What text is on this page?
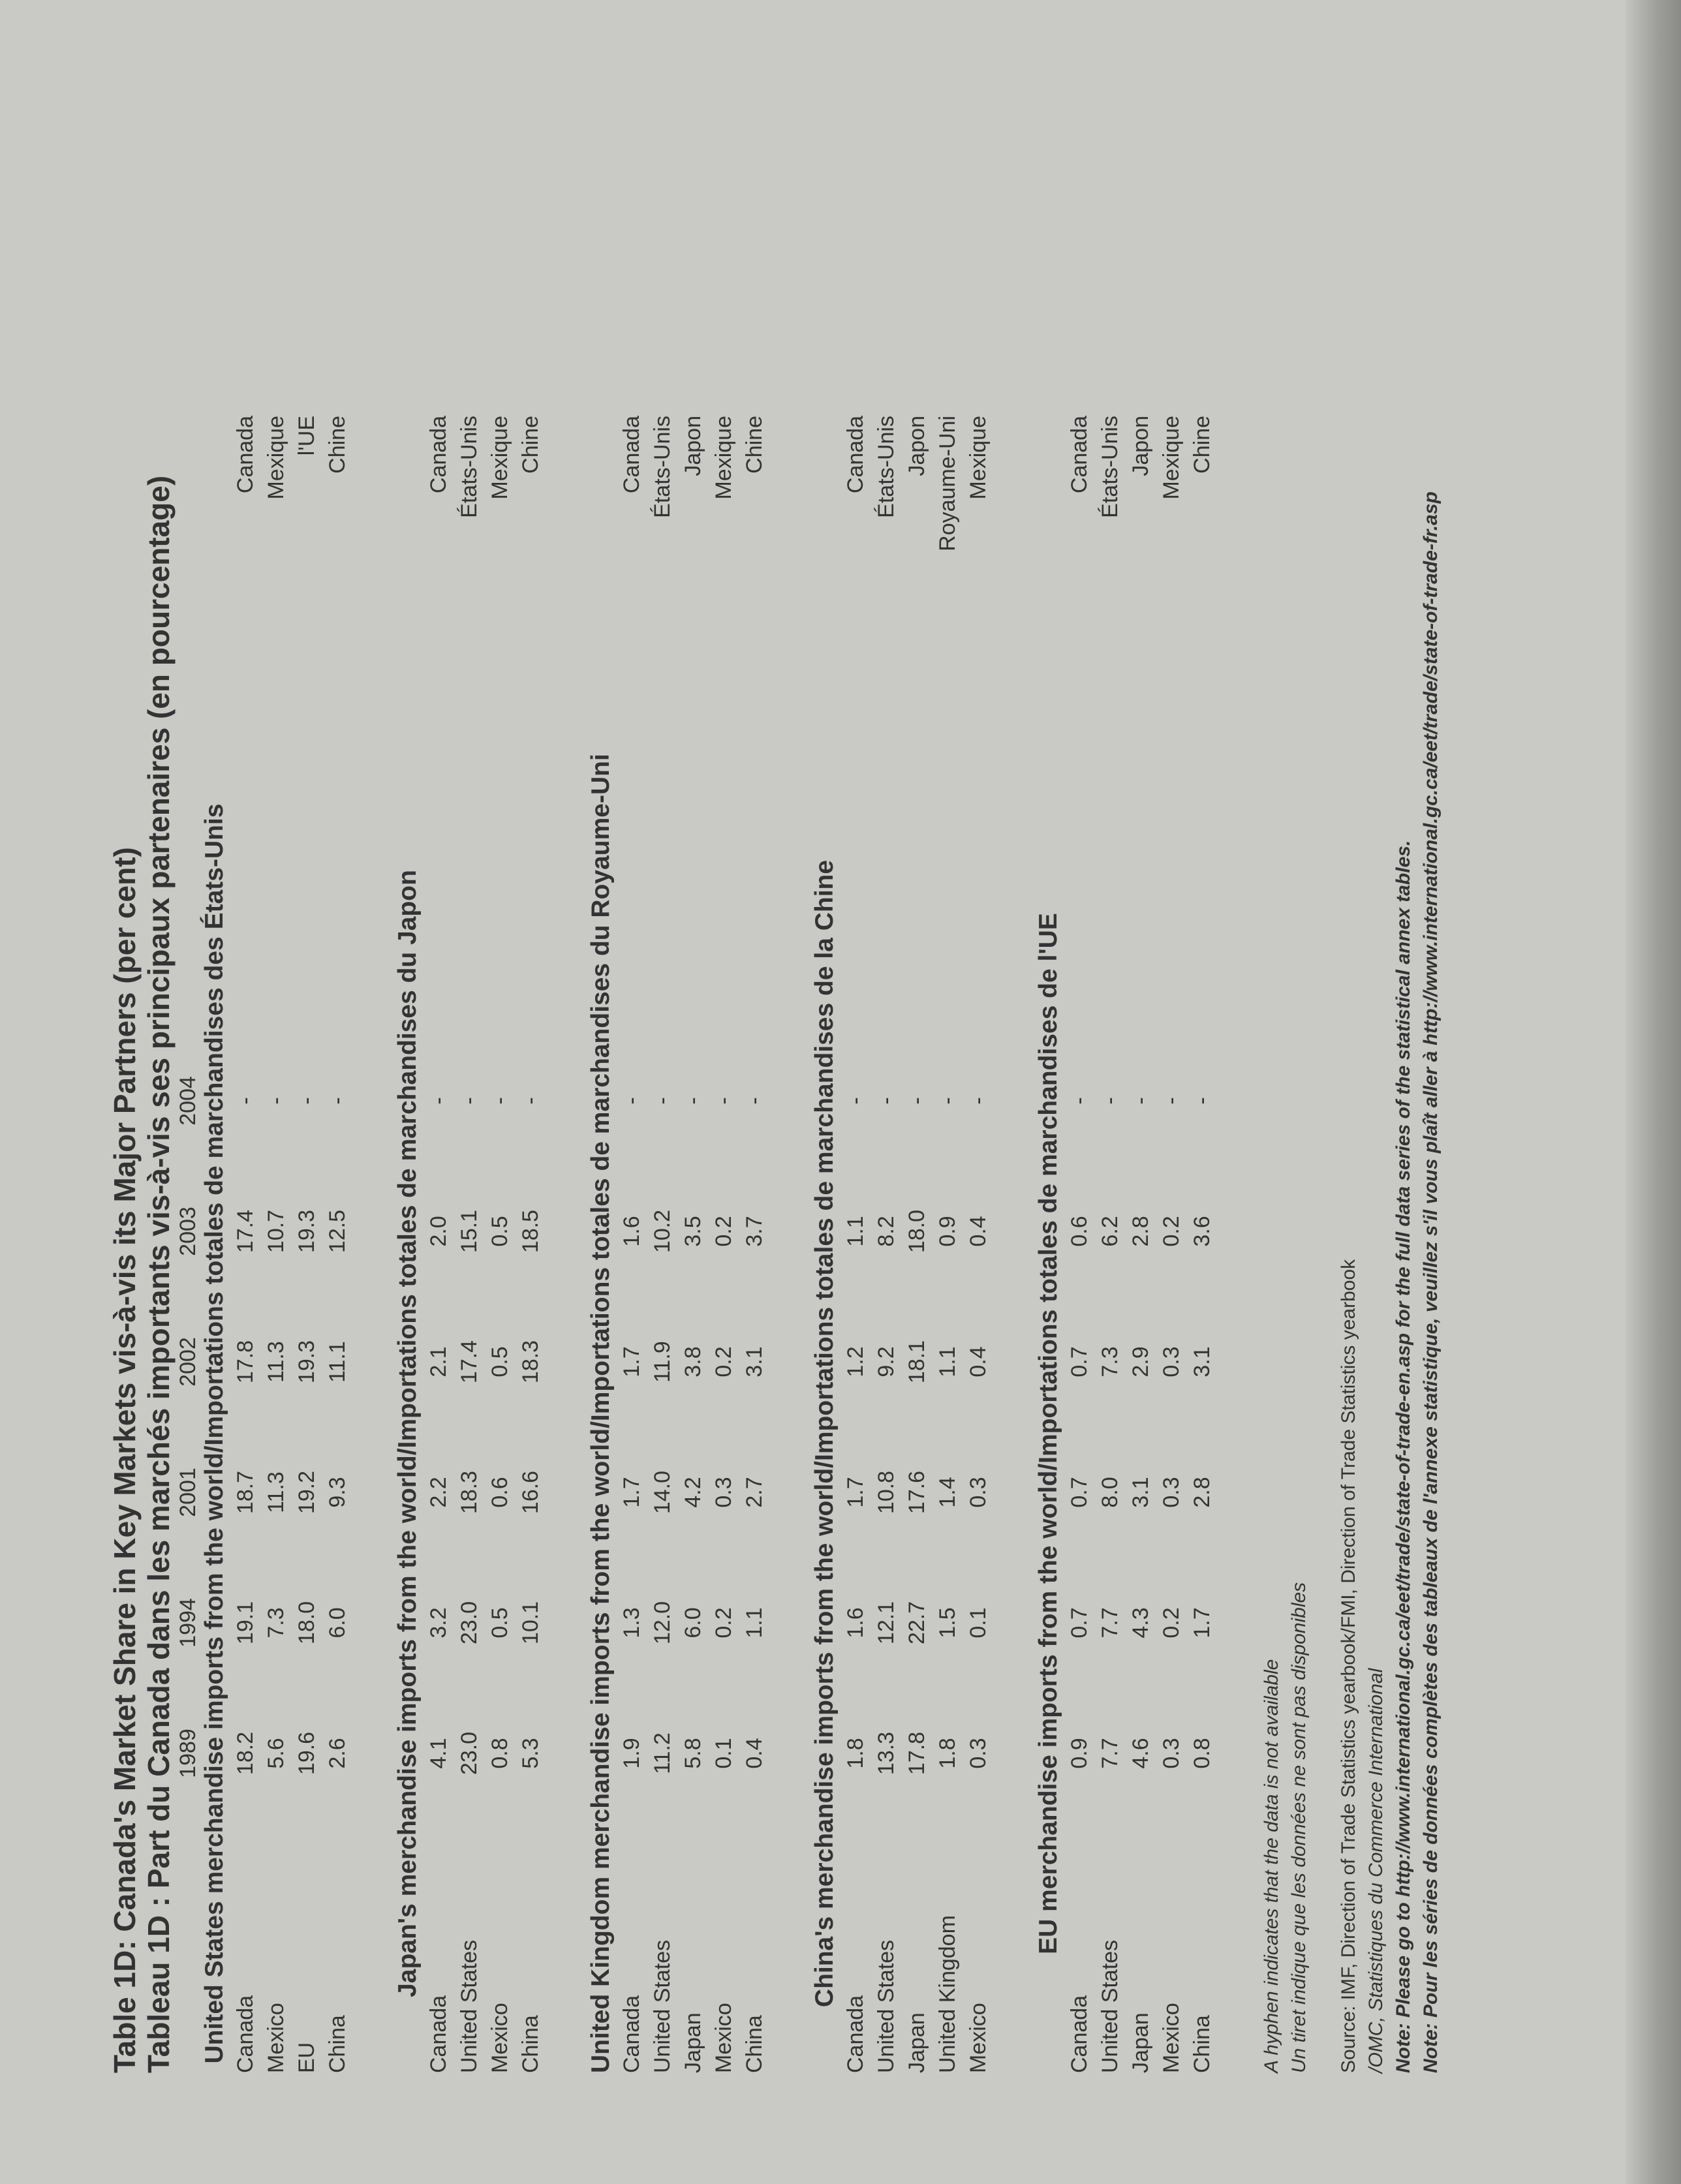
Table 1D: Canada's Market Share in Key Markets vis-à-vis its Major Partners (per cent) Tableau 1D : Part du Canada dans les marchés importants vis-à-vis ses principaux partenaires (en pourcentage) 1989
1994
2001
2002
2003
2004 United States merchandise imports from the world/Importations totales de marchandises des États-Unis Canada
18.2
19.1
18.7
17.8
17.4
-
Canada
Mexico
5.6
7.3
11.3
11.3
10.7
-
Mexique
EU
19.6
18.0
19.2
19.3
19.3
-
l'UE
China
2.6
6.0
9.3
11.1
12.5
-
Chine
Japan's merchandise imports from the world/Importations totales de marchandises du Japon
Canada
4.1
3.2
2.2
2.1
2.0
-
Canada
United States
23.0
23.0
18.3
17.4
15.1
-
États-Unis
Mexico
0.8
0.5
0.6
0.5
0.5
-
Mexique
China
5.3
10.1
16.6
18.3
18.5
-
Chine
United Kingdom merchandise imports from the world/Importations totales de marchandises du Royaume-Uni Canada
1.9
1.3
1.7
1.7
1.6
-
Canada
United States
11.2
12.0
14.0
11.9
10.2
-
États-Unis
Japan
5.8
6.0
4.2
3.8
3.5
-
Japon
Mexico
0.1
0.2
0.3
0.2
0.2
-
Mexique
China
0.4
1.1
2.7
3.1
3.7
-
Chine
China's merchandise imports from the world/Importations totales de marchandises de la Chine
Canada
1.8
1.6
1.7
1.2
1.1
-
Canada
United States
13.3
12.1
10.8
9.2
8.2
-
États-Unis
Japan
17.8
22.7
17.6
18.1
18.0
-
Japon
United Kingdom
1.8
1.5
1.4
1.1
0.9
-
Royaume-Uni
Mexico
0.3
0.1
0.3
0.4
0.4
-
Mexique
EU merchandise imports from the world/Importations totales de marchandises de l'UE
Canada
0.9
0.7
0.7
0.7
0.6
-
Canada
United States
7.7
7.7
8.0
7.3
6.2
-
États-Unis
Japan
4.6
4.3
3.1
2.9
2.8
-
Japon
Mexico
0.3
0.2
0.3
0.3
0.2
-
Mexique
China
0.8
1.7
2.8
3.1
3.6
-
Chine
A hyphen indicates that the data is not available Un tiret indique que les données ne sont pas disponibles Source: IMF, Direction of Trade Statistics yearbook/FMI, Direction of Trade Statistics yearbook /OMC, Statistiques du Commerce International Note: Please go to http://www.international.gc.ca/eet/trade/state-of-trade-en.asp for the full data series of the statistical annex tables. Note: Pour les séries de données complètes des tableaux de l'annexe statistique, veuillez s'il vous plaît aller à http://www.international.gc.ca/eet/trade/state-of-trade-fr.asp
